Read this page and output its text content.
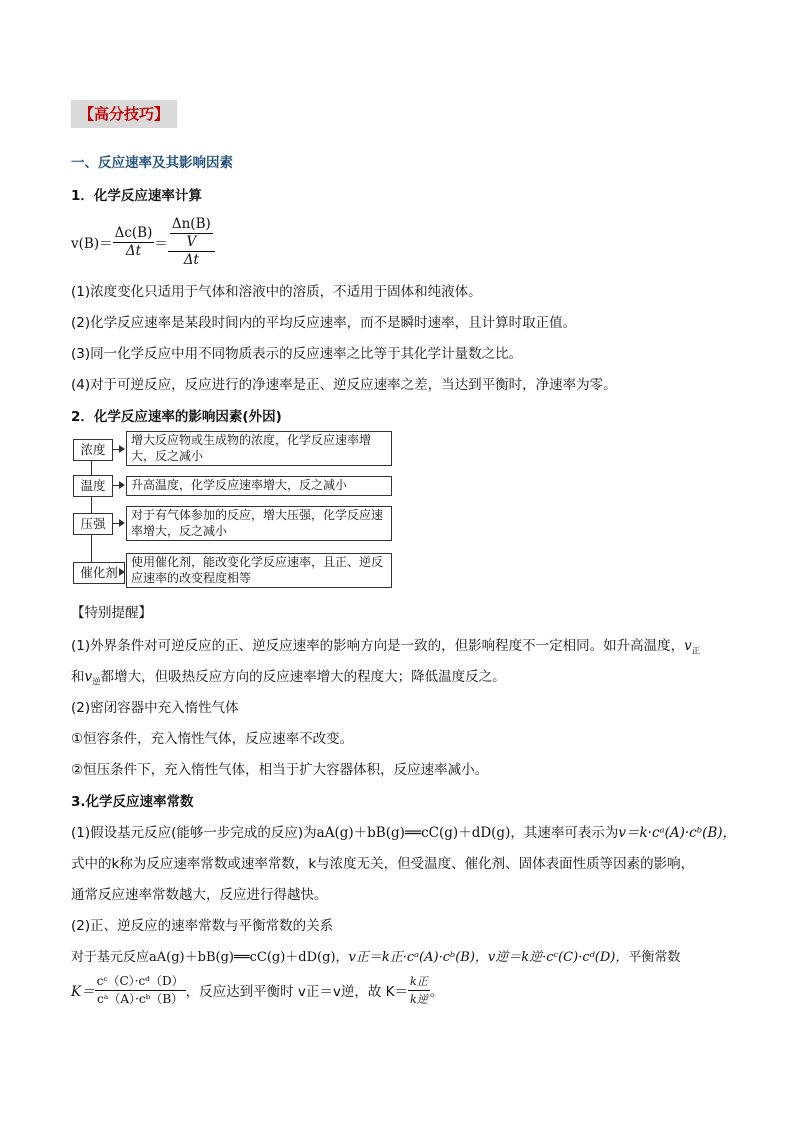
【高分技巧】
一、反应速率及其影响因素
1．化学反应速率计算
$v(B)= \frac{\Delta c(B)}{\Delta t} = \frac{\frac{\Delta n(B)}{V}}{\Delta t}$
(1)浓度变化只适用于气体和溶液中的溶质，不适用于固体和纯液体。
(2)化学反应速率是某段时间内的平均反应速率，而不是瞬时速率，且计算时取正值。
(3)同一化学反应中用不同物质表示的反应速率之比等于其化学计量数之比。
(4)对于可逆反应，反应进行的净速率是正、逆反应速率之差，当达到平衡时，净速率为零。
2．化学反应速率的影响因素(外因)
浓度
增大反应物或生成物的浓度，化学反应速率增大，反之减小
温度	升高温度，化学反应速率增大，反之减小
压强
对于有气体参加的反应，增大压强，化学反应速率增大，反之减小
催化剂
使用催化剂，能改变化学反应速率，且正、逆反应速率的改变程度相等
【特别提醒】
(1)外界条件对可逆反应的正、逆反应速率的影响方向是一致的，但影响程度不一定相同。如升高温度，$v_正$
和$v_逆$都增大，但吸热反应方向的反应速率增大的程度大；降低温度反之。
(2)密闭容器中充入惰性气体
①恒容条件，充入惰性气体，反应速率不改变。
②恒压条件下，充入惰性气体，相当于扩大容器体积，反应速率减小。
3.化学反应速率常数
(1)假设基元反应(能够一步完成的反应)为aA(g)＋bB(g)══cC(g)＋dD(g)，其速率可表示为v＝k·cᵃ(A)·cᵇ(B)，
式中的k称为反应速率常数或速率常数，k与浓度无关，但受温度、催化剂、固体表面性质等因素的影响，
通常反应速率常数越大，反应进行得越快。
(2)正、逆反应的速率常数与平衡常数的关系
对于基元反应aA(g)＋bB(g)══cC(g)＋dD(g)，v正＝k正·cᵃ(A)·cᵇ(B)，v逆＝k逆·cᶜ(C)·cᵈ(D)，平衡常数
$K= \frac{\text{cᶜ（C）·cᵈ（D）}}{\text{cᵃ（A）·cᵇ（B）}}$ ，反应达到平衡时 v正＝v逆，故 $K= \frac{\text{k正}}{\text{k逆}}$ 。
